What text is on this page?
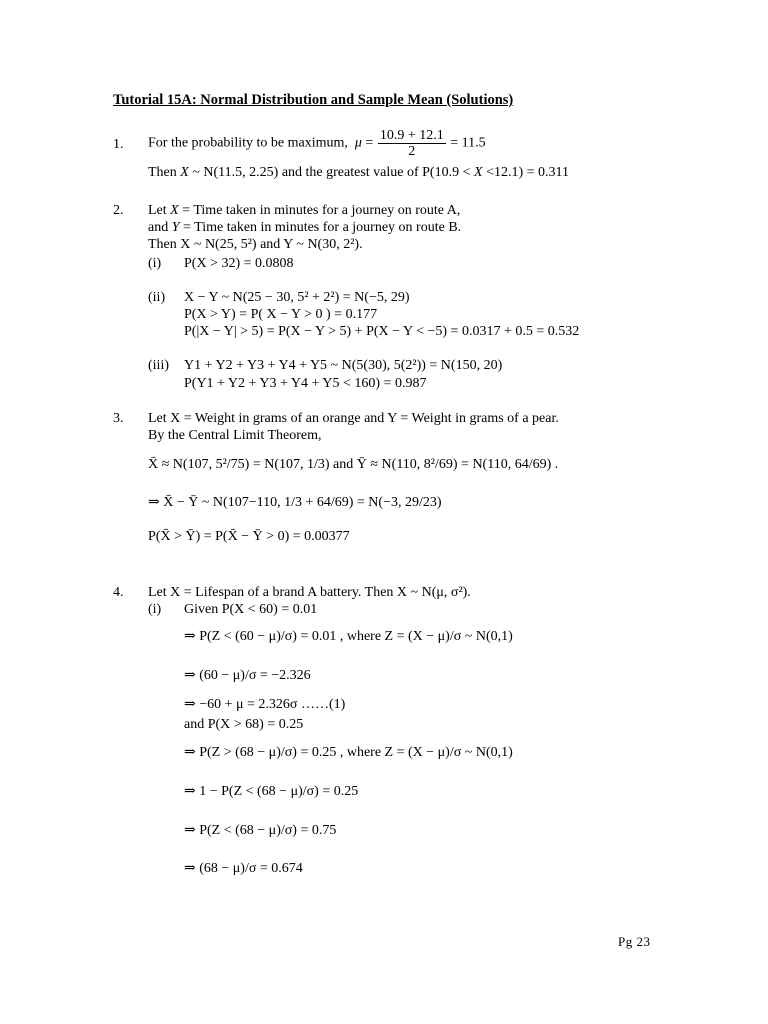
Tutorial 15A: Normal Distribution and Sample Mean (Solutions)
1. For the probability to be maximum, $\mu = \frac{10.9 + 12.1}{2} = 11.5$
Then X ~ N(11.5, 2.25) and the greatest value of P(10.9 < X <12.1) = 0.311
2. Let X = Time taken in minutes for a journey on route A,
and Y = Time taken in minutes for a journey on route B.
Then X ~ N(25, 5²) and Y ~ N(30, 2²).
(i) P(X > 32) = 0.0808
(ii) X − Y ~ N(25 − 30, 5² + 2²) = N(−5, 29)
P(X > Y) = P( X − Y > 0 ) = 0.177
P(|X − Y| > 5) = P(X − Y > 5) + P(X − Y < −5) = 0.0317 + 0.5 = 0.532
(iii) Y1 + Y2 + Y3 + Y4 + Y5 ~ N(5(30), 5(2²)) = N(150, 20)
P(Y1 + Y2 + Y3 + Y4 + Y5 < 160) = 0.987
3. Let X = Weight in grams of an orange and Y = Weight in grams of a pear.
By the Central Limit Theorem,
X̄ ≈ N(107, 5²/75) = N(107, 1/3) and Ȳ ≈ N(110, 8²/69) = N(110, 64/69) .
⇒ X̄ − Ȳ ~ N(107−110, 1/3 + 64/69) = N(−3, 29/23)
P(X̄ > Ȳ) = P(X̄ − Ȳ > 0) = 0.00377
4. Let X = Lifespan of a brand A battery. Then X ~ N(μ, σ²).
(i) Given P(X < 60) = 0.01
⇒ P(Z < (60 − μ)/σ) = 0.01 , where Z = (X − μ)/σ ~ N(0,1)
⇒ (60 − μ)/σ = −2.326
⇒ −60 + μ = 2.326σ ……(1)
and P(X > 68) = 0.25
⇒ P(Z > (68 − μ)/σ) = 0.25 , where Z = (X − μ)/σ ~ N(0,1)
⇒ 1 − P(Z < (68 − μ)/σ) = 0.25
⇒ P(Z < (68 − μ)/σ) = 0.75
⇒ (68 − μ)/σ = 0.674
Pg 23
